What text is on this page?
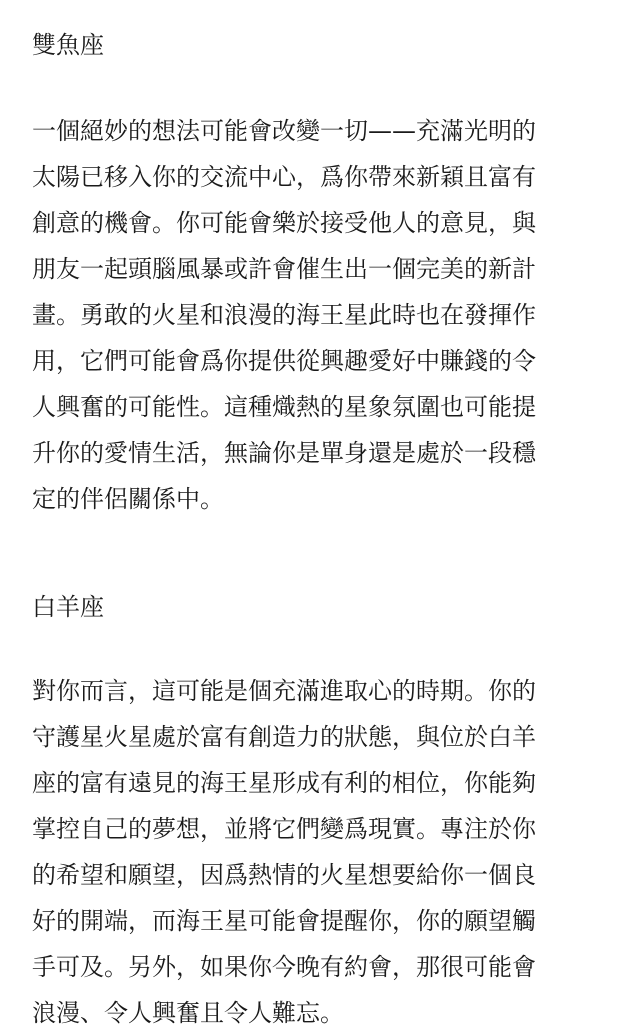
雙魚座
一個絕妙的想法可能會改變一切——充滿光明的
太陽已移入你的交流中心，爲你帶來新穎且富有
創意的機會。你可能會樂於接受他人的意見，與
朋友一起頭腦風暴或許會催生出一個完美的新計
畫。勇敢的火星和浪漫的海王星此時也在發揮作
用，它們可能會爲你提供從興趣愛好中賺錢的令
人興奮的可能性。這種熾熱的星象氛圍也可能提
升你的愛情生活，無論你是單身還是處於一段穩
定的伴侶關係中。
白羊座
對你而言，這可能是個充滿進取心的時期。你的
守護星火星處於富有創造力的狀態，與位於白羊
座的富有遠見的海王星形成有利的相位，你能夠
掌控自己的夢想，並將它們變爲現實。專注於你
的希望和願望，因爲熱情的火星想要給你一個良
好的開端，而海王星可能會提醒你，你的願望觸
手可及。另外，如果你今晚有約會，那很可能會
浪漫、令人興奮且令人難忘。
